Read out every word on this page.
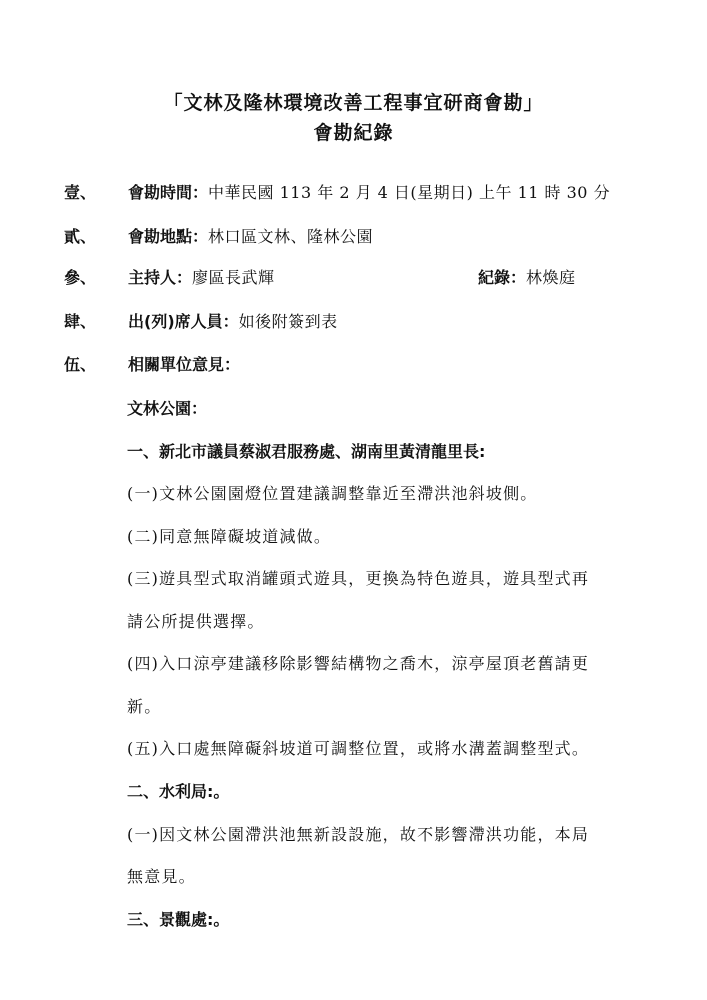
「文林及隆林環境改善工程事宜研商會勘」
會勘紀錄
壹、 會勘時間：中華民國 113 年 2 月 4 日(星期日) 上午 11 時 30 分
貳、 會勘地點：林口區文林、隆林公園
參、 主持人：廖區長武輝	紀錄：林煥庭
肆、 出(列)席人員：如後附簽到表
伍、 相關單位意見：
文林公園：
一、新北市議員蔡淑君服務處、湖南里黃清龍里長:
(一)文林公園園燈位置建議調整靠近至滯洪池斜坡側。
(二)同意無障礙坡道減做。
(三)遊具型式取消罐頭式遊具，更換為特色遊具，遊具型式再
請公所提供選擇。
(四)入口涼亭建議移除影響結構物之喬木，涼亭屋頂老舊請更
新。
(五)入口處無障礙斜坡道可調整位置，或將水溝蓋調整型式。
二、水利局:。
(一)因文林公園滯洪池無新設設施，故不影響滯洪功能，本局
無意見。
三、景觀處:。
